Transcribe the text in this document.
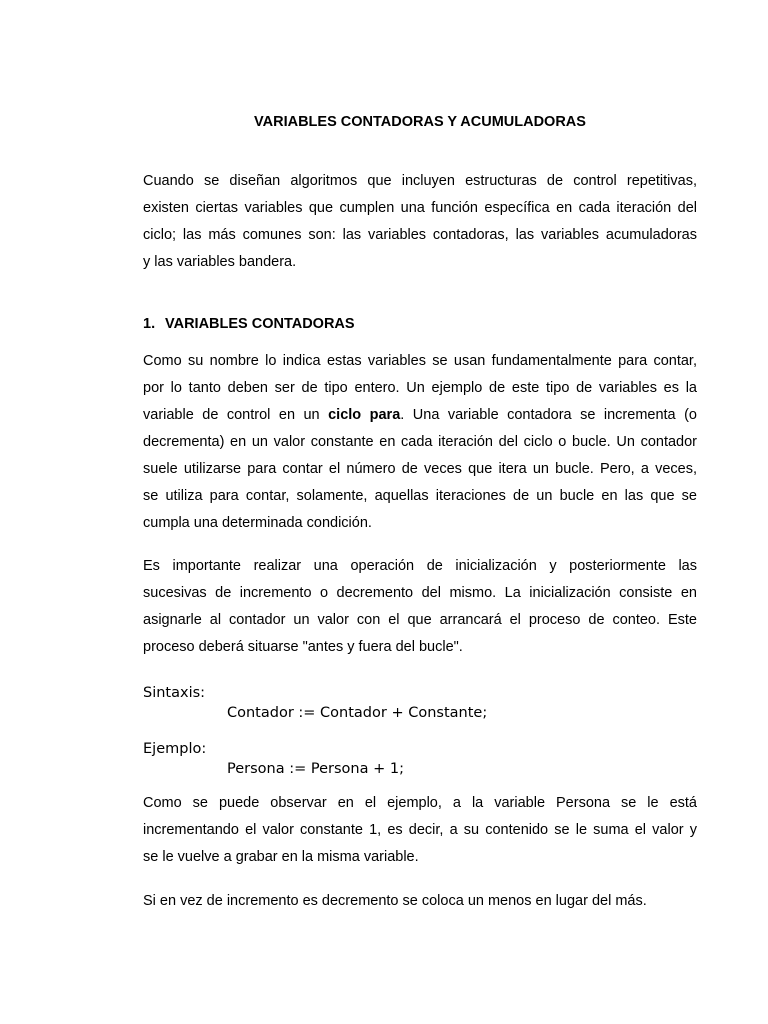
VARIABLES CONTADORAS Y ACUMULADORAS
Cuando se diseñan algoritmos que incluyen estructuras de control repetitivas,
existen ciertas variables que cumplen una función específica en cada iteración del
ciclo; las más comunes son: las variables contadoras, las variables acumuladoras
y las variables bandera.
1. VARIABLES CONTADORAS
Como su nombre lo indica estas variables se usan fundamentalmente para contar,
por lo tanto deben ser de tipo entero. Un ejemplo de este tipo de variables es la
variable de control en un ciclo para. Una variable contadora se incrementa (o
decrementa) en un valor constante en cada iteración del ciclo o bucle. Un contador
suele utilizarse para contar el número de veces que itera un bucle. Pero, a veces,
se utiliza para contar, solamente, aquellas iteraciones de un bucle en las que se
cumpla una determinada condición.
Es importante realizar una operación de inicialización y posteriormente las
sucesivas de incremento o decremento del mismo. La inicialización consiste en
asignarle al contador un valor con el que arrancará el proceso de conteo. Este
proceso deberá situarse "antes y fuera del bucle".
Sintaxis:
Contador := Contador + Constante;
Ejemplo:
Persona := Persona + 1;
Como se puede observar en el ejemplo, a la variable Persona se le está
incrementando el valor constante 1, es decir, a su contenido se le suma el valor y
se le vuelve a grabar en la misma variable.
Si en vez de incremento es decremento se coloca un menos en lugar del más.
